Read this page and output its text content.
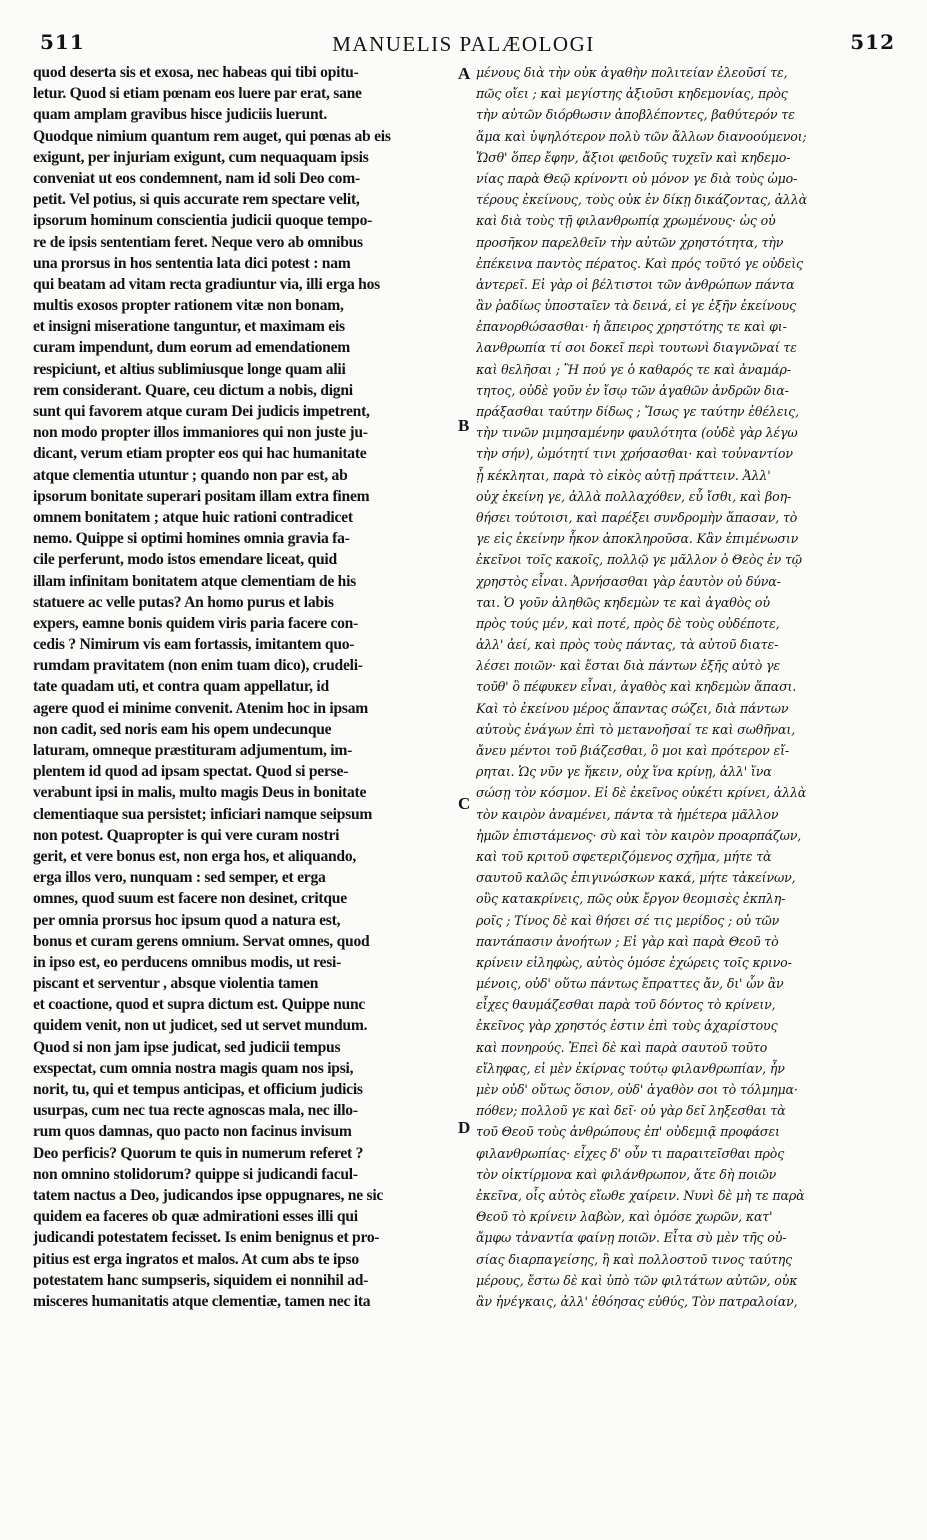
511	MANUELIS PALÆOLOGI	512
quod deserta sis et exosa, nec habeas qui tibi opitu-
letur. Quod si etiam pœnam eos luere par erat, sane
quam amplam gravibus hisce judiciis luerunt.
Quodque nimium quantum rem auget, qui pœnas ab eis
exigunt, per injuriam exigunt, cum nequaquam ipsis
conveniat ut eos condemnent, nam id soli Deo com-
petit. Vel potius, si quis accurate rem spectare velit,
ipsorum hominum conscientia judicii quoque tempo-
re de ipsis sententiam feret. Neque vero ab omnibus
una prorsus in hos sententia lata dici potest : nam
qui beatam ad vitam recta gradiuntur via, illi erga hos
multis exosos propter rationem vitæ non bonam,
et insigni miseratione tanguntur, et maximam eis
curam impendunt, dum eorum ad emendationem
respiciunt, et altius sublimiusque longe quam alii
rem considerant. Quare, ceu dictum a nobis, digni
sunt qui favorem atque curam Dei judicis impetrent,
non modo propter illos immaniores qui non juste ju-
dicant, verum etiam propter eos qui hac humanitate
atque clementia utuntur ; quando non par est, ab
ipsorum bonitate superari positam illam extra finem
omnem bonitatem ; atque huic rationi contradicet
nemo. Quippe si optimi homines omnia gravia fa-
cile perferunt, modo istos emendare liceat, quid
illam infinitam bonitatem atque clementiam de his
statuere ac velle putas? An homo purus et labis
expers, eamne bonis quidem viris paria facere con-
cedis ? Nimirum vis eam fortassis, imitantem quo-
rumdam pravitatem (non enim tuam dico), crudeli-
tate quadam uti, et contra quam appellatur, id
agere quod ei minime convenit. Atenim hoc in ipsam
non cadit, sed noris eam his opem undecunque
laturam, omneque præstituram adjumentum, im-
plentem id quod ad ipsam spectat. Quod si perse-
verabunt ipsi in malis, multo magis Deus in bonitate
clementiaque sua persistet; inficiari namque seipsum
non potest. Quapropter is qui vere curam nostri
gerit, et vere bonus est, non erga hos, et aliquando,
erga illos vero, nunquam : sed semper, et erga
omnes, quod suum est facere non desinet, critque
per omnia prorsus hoc ipsum quod a natura est,
bonus et curam gerens omnium. Servat omnes, quod
in ipso est, eo perducens omnibus modis, ut resi-
piscant et serventur , absque violentia tamen
et coactione, quod et supra dictum est. Quippe nunc
quidem venit, non ut judicet, sed ut servet mundum.
Quod si non jam ipse judicat, sed judicii tempus
exspectat, cum omnia nostra magis quam nos ipsi,
norit, tu, qui et tempus anticipas, et officium judicis
usurpas, cum nec tua recte agnoscas mala, nec illo-
rum quos damnas, quo pacto non facinus invisum
Deo perficis? Quorum te quis in numerum referet ?
non omnino stolidorum? quippe si judicandi facul-
tatem nactus a Deo, judicandos ipse oppugnares, ne sic
quidem ea faceres ob quæ admirationi esses illi qui
judicandi potestatem fecisset. Is enim benignus et pro-
pitius est erga ingratos et malos. At cum abs te ipso
potestatem hanc sumpseris, siquidem ei nonnihil ad-
misceres humanitatis atque clementiæ, tamen nec ita
A
B
C
D
μένους διὰ τὴν οὐκ ἀγαθὴν πολιτείαν ἐλεοῦσί τε,
πῶς οἴει ; καὶ μεγίστης ἀξιοῦσι κηδεμονίας, πρὸς
τὴν αὐτῶν διόρθωσιν ἀποβλέποντες, βαθύτερόν τε
ἅμα καὶ ὑψηλότερον πολὺ τῶν ἄλλων διανοούμενοι;
Ὥσθ' ὅπερ ἔφην, ἄξιοι φειδοῦς τυχεῖν καὶ κηδεμο-
νίας παρὰ Θεῷ κρίνοντι οὐ μόνον γε διὰ τοὺς ὠμο-
τέρους ἐκείνους, τοὺς οὐκ ἐν δίκῃ δικάζοντας, ἀλλὰ
καὶ διὰ τοὺς τῇ φιλανθρωπίᾳ χρωμένους· ὡς οὐ
προσῆκον παρελθεῖν τὴν αὐτῶν χρηστότητα, τὴν
ἐπέκεινα παντὸς πέρατος. Καὶ πρός τοῦτό γε οὐδεὶς
ἀντερεῖ. Εἰ γὰρ οἱ βέλτιστοι τῶν ἀνθρώπων πάντα
ἂν ῥαδίως ὑποσταῖεν τὰ δεινά, εἰ γε ἐξῆν ἐκείνους
ἐπανορθώσασθαι· ἡ ἄπειρος χρηστότης τε καὶ φι-
λανθρωπία τί σοι δοκεῖ περὶ τουτωνὶ διαγνῶναί τε
καὶ θελῆσαι ; Ἢ πού γε ὁ καθαρός τε καὶ ἀναμάρ-
τητος, οὐδὲ γοῦν ἐν ἴσῳ τῶν ἀγαθῶν ἀνδρῶν δια-
πράξασθαι ταύτην δίδως ; Ἴσως γε ταύτην ἐθέλεις,
τὴν τινῶν μιμησαμένην φαυλότητα (οὐδὲ γὰρ λέγω
τὴν σήν), ὠμότητί τινι χρήσασθαι· καὶ τοὐναντίον
ᾗ κέκληται, παρὰ τὸ εἰκὸς αὐτῇ πράττειν. Ἀλλ'
οὐχ ἐκείνη γε, ἀλλὰ πολλαχόθεν, εὖ ἴσθι, καὶ βοη-
θήσει τούτοισι, καὶ παρέξει συνδρομὴν ἅπασαν, τὸ
γε εἰς ἐκείνην ἧκον ἀποκληροῦσα. Κἂν ἐπιμένωσιν
ἐκεῖνοι τοῖς κακοῖς, πολλῷ γε μᾶλλον ὁ Θεὸς ἐν τῷ
χρηστὸς εἶναι. Ἀρνήσασθαι γὰρ ἑαυτὸν οὐ δύνα-
ται. Ὁ γοῦν ἀληθῶς κηδεμὼν τε καὶ ἀγαθὸς οὐ
πρὸς τούς μέν, καὶ ποτέ, πρὸς δὲ τοὺς οὐδέποτε,
ἀλλ' ἀεί, καὶ πρὸς τοὺς πάντας, τὰ αὐτοῦ διατε-
λέσει ποιῶν· καὶ ἔσται διὰ πάντων ἐξῆς αὐτὸ γε
τοῦθ' ὃ πέφυκεν εἶναι, ἀγαθὸς καὶ κηδεμὼν ἅπασι.
Καὶ τὸ ἐκείνου μέρος ἅπαντας σώζει, διὰ πάντων
αὐτοὺς ἐνάγων ἐπὶ τὸ μετανοῆσαί τε καὶ σωθῆναι,
ἄνευ μέντοι τοῦ βιάζεσθαι, ὃ μοι καὶ πρότερον εἴ-
ρηται. Ὡς νῦν γε ἥκειν, οὐχ ἵνα κρίνῃ, ἀλλ' ἵνα
σώσῃ τὸν κόσμον. Εἰ δὲ ἐκεῖνος οὐκέτι κρίνει, ἀλλὰ
τὸν καιρὸν ἀναμένει, πάντα τὰ ἡμέτερα μᾶλλον
ἡμῶν ἐπιστάμενος· σὺ καὶ τὸν καιρὸν προαρπάζων,
καὶ τοῦ κριτοῦ σφετεριζόμενος σχῆμα, μήτε τὰ
σαυτοῦ καλῶς ἐπιγινώσκων κακά, μήτε τἀκείνων,
οὓς κατακρίνεις, πῶς οὐκ ἔργον θεομισὲς ἐκπλη-
ροῖς ; Τίνος δὲ καὶ θήσει σέ τις μερίδος ; οὐ τῶν
παντάπασιν ἀνοήτων ; Εἰ γὰρ καὶ παρὰ Θεοῦ τὸ
κρίνειν εἰληφὼς, αὐτὸς ὁμόσε ἐχώρεις τοῖς κρινο-
μένοις, οὐδ' οὕτω πάντως ἔπραττες ἄν, δι' ὧν ἂν
εἶχες θαυμάζεσθαι παρὰ τοῦ δόντος τὸ κρίνειν,
ἐκεῖνος γὰρ χρηστός ἐστιν ἐπὶ τοὺς ἀχαρίστους
καὶ πονηρούς. Ἐπεὶ δὲ καὶ παρὰ σαυτοῦ τοῦτο
εἴληφας, εἰ μὲν ἐκίρνας τούτῳ φιλανθρωπίαν, ἦν
μὲν οὐδ' οὕτως ὅσιον, οὐδ' ἀγαθὸν σοι τὸ τόλμημα·
πόθεν; πολλοῦ γε καὶ δεῖ· οὐ γὰρ δεῖ ληξεσθαι τὰ
τοῦ Θεοῦ τοὺς ἀνθρώπους ἐπ' οὐδεμιᾷ προφάσει
φιλανθρωπίας· εἶχες δ' οὖν τι παραιτεῖσθαι πρὸς
τὸν οἰκτίρμονα καὶ φιλάνθρωπον, ἅτε δὴ ποιῶν
ἐκεῖνα, οἷς αὐτὸς εἴωθε χαίρειν. Νυνὶ δὲ μὴ τε παρὰ
Θεοῦ τὸ κρίνειν λαβὼν, καὶ ὁμόσε χωρῶν, κατ'
ἄμφω τἀναντία φαίνῃ ποιῶν. Εἶτα σὺ μὲν τῆς οὐ-
σίας διαρπαγείσης, ἢ καὶ πολλοστοῦ τινος ταύτης
μέρους, ἔστω δὲ καὶ ὑπὸ τῶν φιλτάτων αὐτῶν, οὐκ
ἂν ἠνέγκαις, ἀλλ' ἐθόησας εὐθύς, Τὸν πατραλοίαν,
